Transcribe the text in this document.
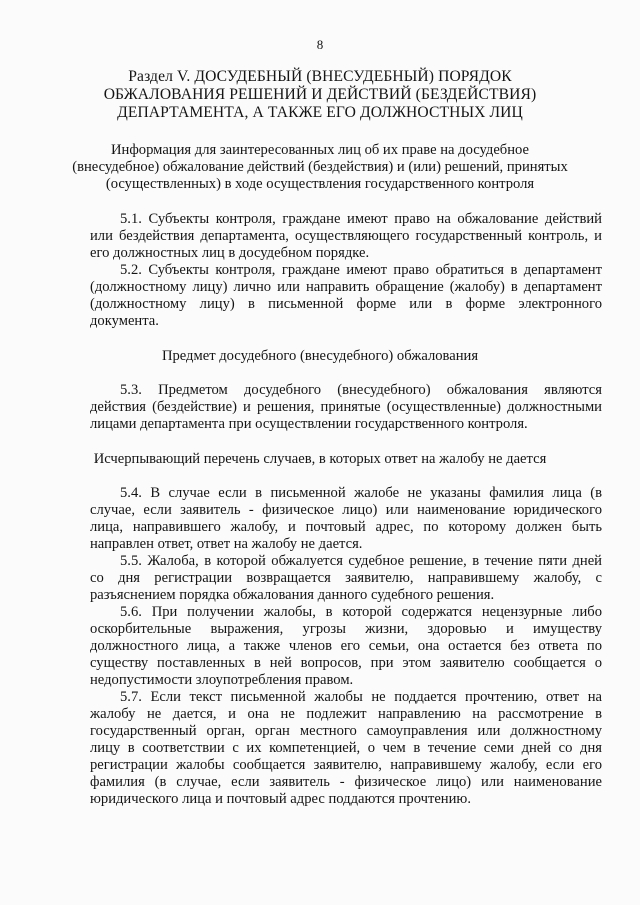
8
Раздел V. ДОСУДЕБНЫЙ (ВНЕСУДЕБНЫЙ) ПОРЯДОК
ОБЖАЛОВАНИЯ РЕШЕНИЙ И ДЕЙСТВИЙ (БЕЗДЕЙСТВИЯ)
ДЕПАРТАМЕНТА, А ТАКЖЕ ЕГО ДОЛЖНОСТНЫХ ЛИЦ
Информация для заинтересованных лиц об их праве на досудебное
(внесудебное) обжалование действий (бездействия) и (или) решений, принятых
(осуществленных) в ходе осуществления государственного контроля
5.1. Субъекты контроля, граждане имеют право на обжалование действий
или бездействия департамента, осуществляющего государственный контроль, и
его должностных лиц в досудебном порядке.
5.2. Субъекты контроля, граждане имеют право обратиться в департамент
(должностному лицу) лично или направить обращение (жалобу) в департамент
(должностному лицу) в письменной форме или в форме электронного
документа.
Предмет досудебного (внесудебного) обжалования
5.3. Предметом досудебного (внесудебного) обжалования являются
действия (бездействие) и решения, принятые (осуществленные) должностными
лицами департамента при осуществлении государственного контроля.
Исчерпывающий перечень случаев, в которых ответ на жалобу не дается
5.4. В случае если в письменной жалобе не указаны фамилия лица (в
случае, если заявитель - физическое лицо) или наименование юридического
лица, направившего жалобу, и почтовый адрес, по которому должен быть
направлен ответ, ответ на жалобу не дается.
5.5. Жалоба, в которой обжалуется судебное решение, в течение пяти дней
со дня регистрации возвращается заявителю, направившему жалобу, с
разъяснением порядка обжалования данного судебного решения.
5.6. При получении жалобы, в которой содержатся нецензурные либо
оскорбительные выражения, угрозы жизни, здоровью и имуществу
должностного лица, а также членов его семьи, она остается без ответа по
существу поставленных в ней вопросов, при этом заявителю сообщается о
недопустимости злоупотребления правом.
5.7. Если текст письменной жалобы не поддается прочтению, ответ на
жалобу не дается, и она не подлежит направлению на рассмотрение в
государственный орган, орган местного самоуправления или должностному
лицу в соответствии с их компетенцией, о чем в течение семи дней со дня
регистрации жалобы сообщается заявителю, направившему жалобу, если его
фамилия (в случае, если заявитель - физическое лицо) или наименование
юридического лица и почтовый адрес поддаются прочтению.
